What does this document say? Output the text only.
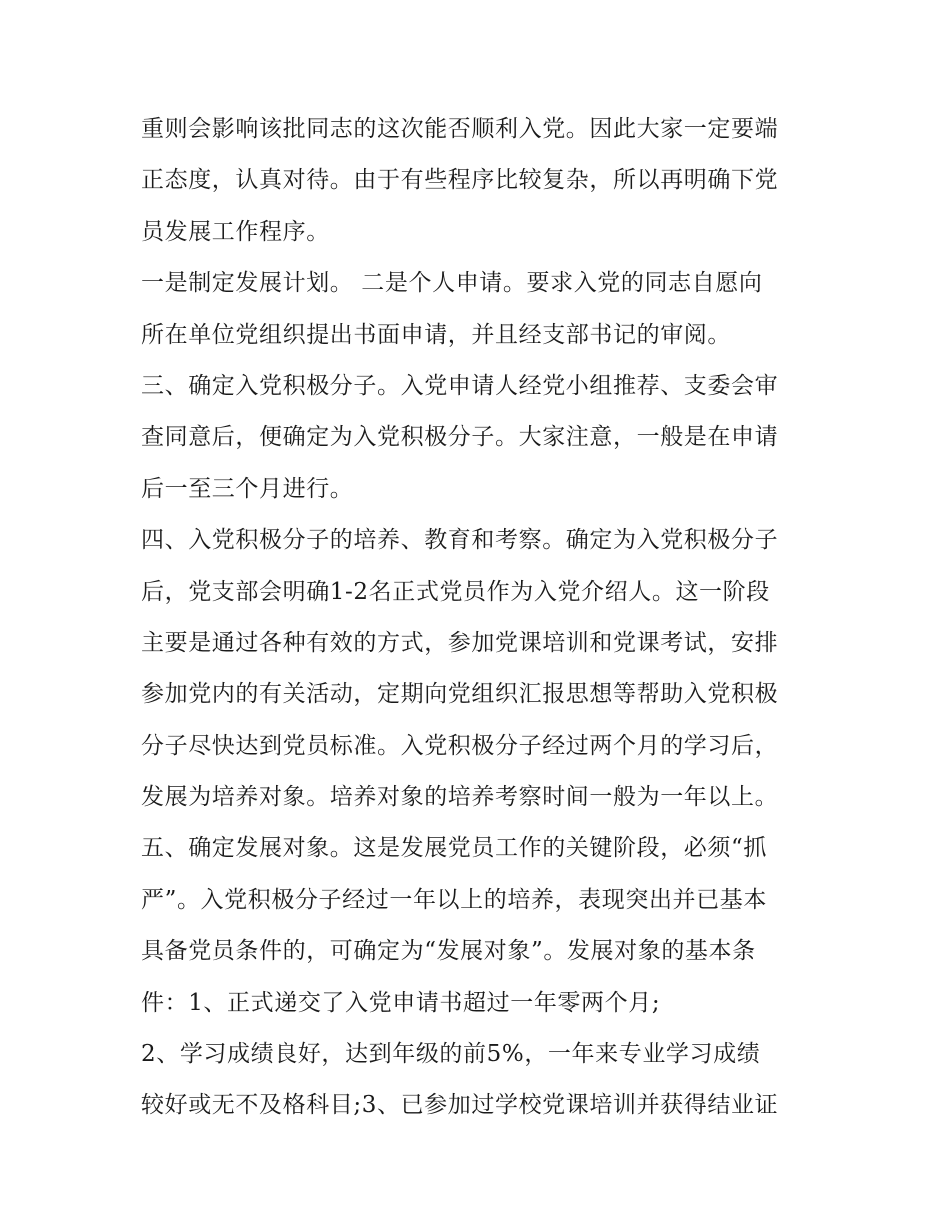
重则会影响该批同志的这次能否顺利入党。因此大家一定要端
正态度，认真对待。由于有些程序比较复杂，所以再明确下党
员发展工作程序。
一是制定发展计划。 二是个人申请。要求入党的同志自愿向
所在单位党组织提出书面申请，并且经支部书记的审阅。
三、确定入党积极分子。入党申请人经党小组推荐、支委会审
查同意后，便确定为入党积极分子。大家注意，一般是在申请
后一至三个月进行。
四、入党积极分子的培养、教育和考察。确定为入党积极分子
后，党支部会明确1-2名正式党员作为入党介绍人。这一阶段
主要是通过各种有效的方式，参加党课培训和党课考试，安排
参加党内的有关活动，定期向党组织汇报思想等帮助入党积极
分子尽快达到党员标准。入党积极分子经过两个月的学习后，
发展为培养对象。培养对象的培养考察时间一般为一年以上。
五、确定发展对象。这是发展党员工作的关键阶段，必须“抓
严”。入党积极分子经过一年以上的培养，表现突出并已基本
具备党员条件的，可确定为“发展对象”。发展对象的基本条
件：1、正式递交了入党申请书超过一年零两个月;
2、学习成绩良好，达到年级的前5%，一年来专业学习成绩
较好或无不及格科目;3、已参加过学校党课培训并获得结业证
